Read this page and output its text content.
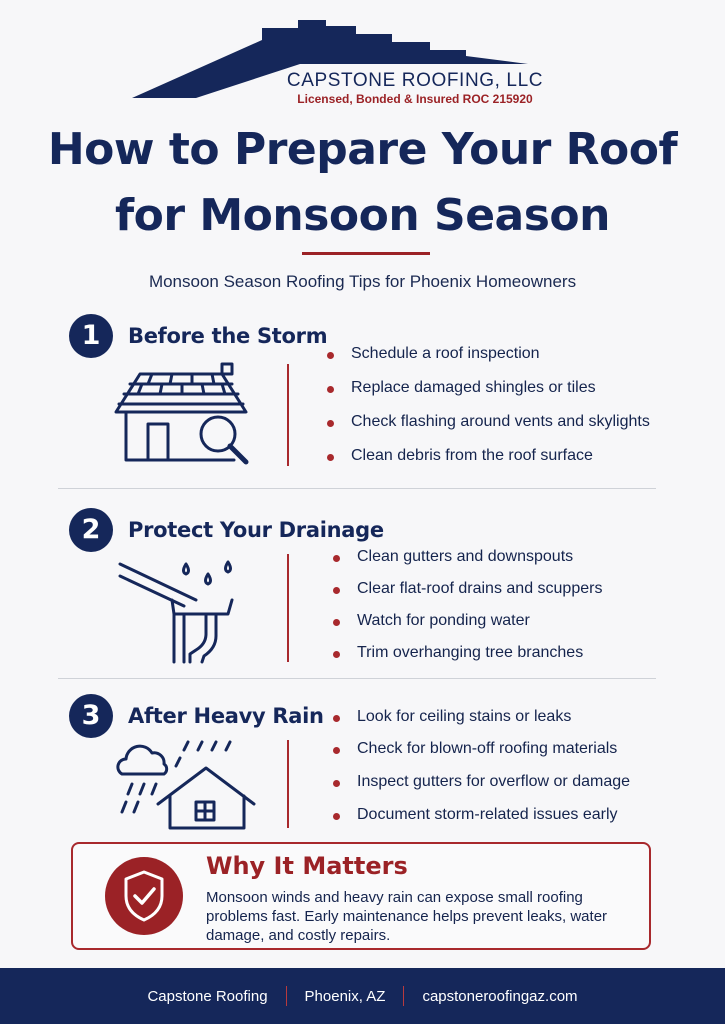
CAPSTONE ROOFING, LLC
Licensed, Bonded & Insured ROC 215920
How to Prepare Your Roof
for Monsoon Season
Monsoon Season Roofing Tips for Phoenix Homeowners
1	Before the Storm
Schedule a roof inspection
Replace damaged shingles or tiles
Check flashing around vents and skylights
Clean debris from the roof surface
2	Protect Your Drainage
Clean gutters and downspouts
Clear flat-roof drains and scuppers
Watch for ponding water
Trim overhanging tree branches
3	After Heavy Rain	Look for ceiling stains or leaks
Check for blown-off roofing materials
Inspect gutters for overflow or damage
Document storm-related issues early
Why It Matters
Monsoon winds and heavy rain can expose small roofing problems fast. Early maintenance helps prevent leaks, water damage, and costly repairs.
Capstone Roofing Phoenix, AZ capstoneroofingaz.com
